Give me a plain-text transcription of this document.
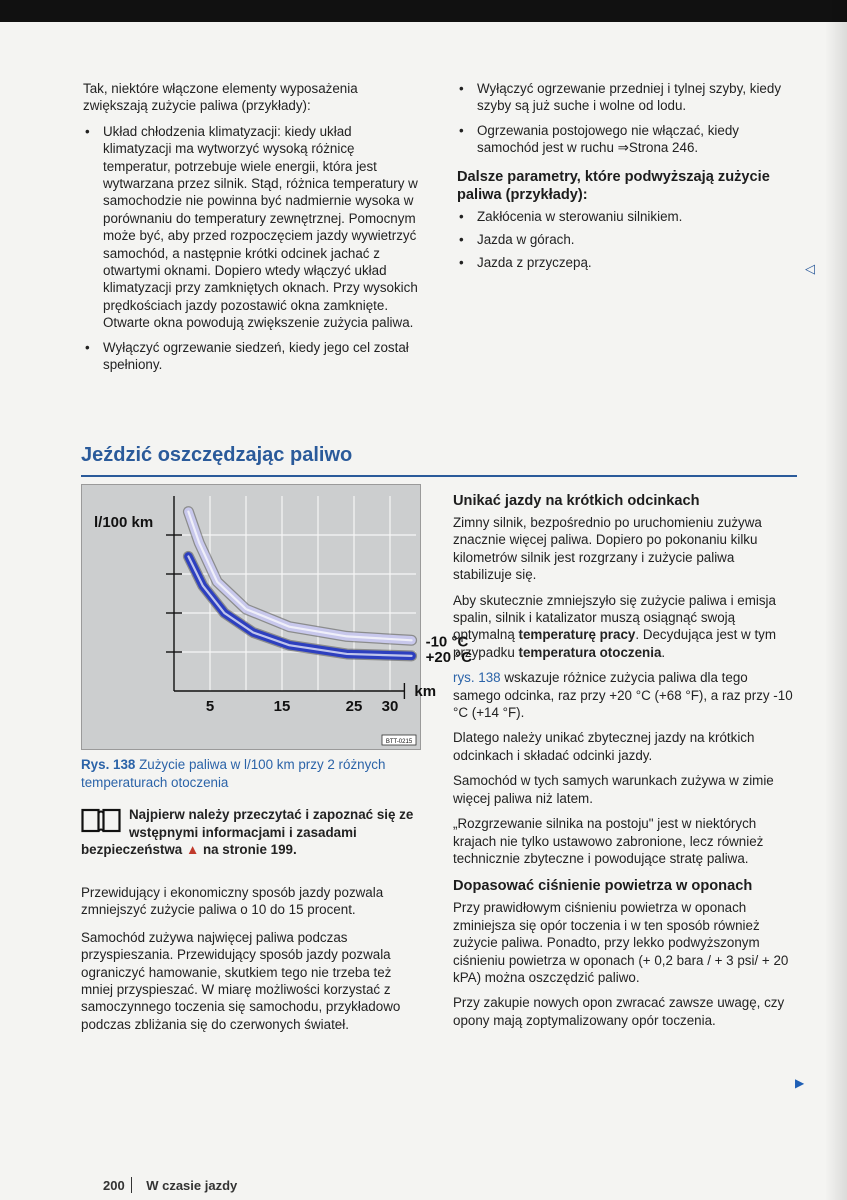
Tak, niektóre włączone elementy wyposażenia zwiększają zużycie paliwa (przykłady):

• Układ chłodzenia klimatyzacji: kiedy układ klimatyzacji ma wytworzyć wysoką różnicę temperatur, potrzebuje wiele energii, która jest wytwarzana przez silnik. Stąd, różnica temperatury w samochodzie nie powinna być nadmiernie wysoka w porównaniu do temperatury zewnętrznej. Pomocnym może być, aby przed rozpoczęciem jazdy wywietrzyć samochód, a następnie krótki odcinek jachać z otwartymi oknami. Dopiero wtedy włączyć układ klimatyzacji przy zamkniętych oknach. Przy wysokich prędkościach jazdy pozostawić okna zamknięte. Otwarte okna powodują zwiększenie zużycia paliwa.
• Wyłączyć ogrzewanie siedzeń, kiedy jego cel został spełniony.
• Wyłączyć ogrzewanie przedniej i tylnej szyby, kiedy szyby są już suche i wolne od lodu.
• Ogrzewania postojowego nie włączać, kiedy samochód jest w ruchu ⇒Strona 246.
Dalsze parametry, które podwyższają zużycie paliwa (przykłady):
• Zakłócenia w sterowaniu silnikiem.
• Jazda w górach.
• Jazda z przyczepą.	◁
Jeździć oszczędzając paliwo
-10 °C
+20 °C
l/100 km
km
5	15	25 30
BTT-0215
Rys. 138 Zużycie paliwa w l/100 km przy 2 różnych temperaturach otoczenia
Najpierw należy przeczytać i zapoznać się ze wstępnymi informacjami i zasadami bezpieczeństwa ▲ na stronie 199.

Przewidujący i ekonomiczny sposób jazdy pozwala zmniejszyć zużycie paliwa o 10 do 15 procent.

Samochód zużywa najwięcej paliwa podczas przyspieszania. Przewidujący sposób jazdy pozwala ograniczyć hamowanie, skutkiem tego nie trzeba też mniej przyspieszać. W miarę możliwości korzystać z samoczynnego toczenia się samochodu, przykładowo podczas zbliżania się do czerwonych świateł.

Unikać jazdy na krótkich odcinkach

Zimny silnik, bezpośrednio po uruchomieniu zużywa znacznie więcej paliwa. Dopiero po pokonaniu kilku kilometrów silnik jest rozgrzany i zużycie paliwa stabilizuje się.

Aby skutecznie zmniejszyło się zużycie paliwa i emisja spalin, silnik i katalizator muszą osiągnąć swoją optymalną temperaturę pracy. Decydująca jest w tym przypadku temperatura otoczenia.

rys. 138 wskazuje różnice zużycia paliwa dla tego samego odcinka, raz przy +20 °C (+68 °F), a raz przy -10 °C (+14 °F).

Dlatego należy unikać zbytecznej jazdy na krótkich odcinkach i składać odcinki jazdy.

Samochód w tych samych warunkach zużywa w zimie więcej paliwa niż latem.

„Rozgrzewanie silnika na postoju" jest w niektórych krajach nie tylko ustawowo zabronione, lecz również technicznie zbyteczne i powodujące stratę paliwa.

Dopasować ciśnienie powietrza w oponach

Przy prawidłowym ciśnieniu powietrza w oponach zminiejsza się opór toczenia i w ten sposób również zużycie paliwa. Ponadto, przy lekko podwyższonym ciśnieniu powietrza w oponach (+ 0,2 bara / + 3 psi/ + 20 kPA) można oszczędzić paliwo.

Przy zakupie nowych opon zwracać zawsze uwagę, czy opony mają zoptymalizowany opór toczenia.

▶
200 W czasie jazdy
